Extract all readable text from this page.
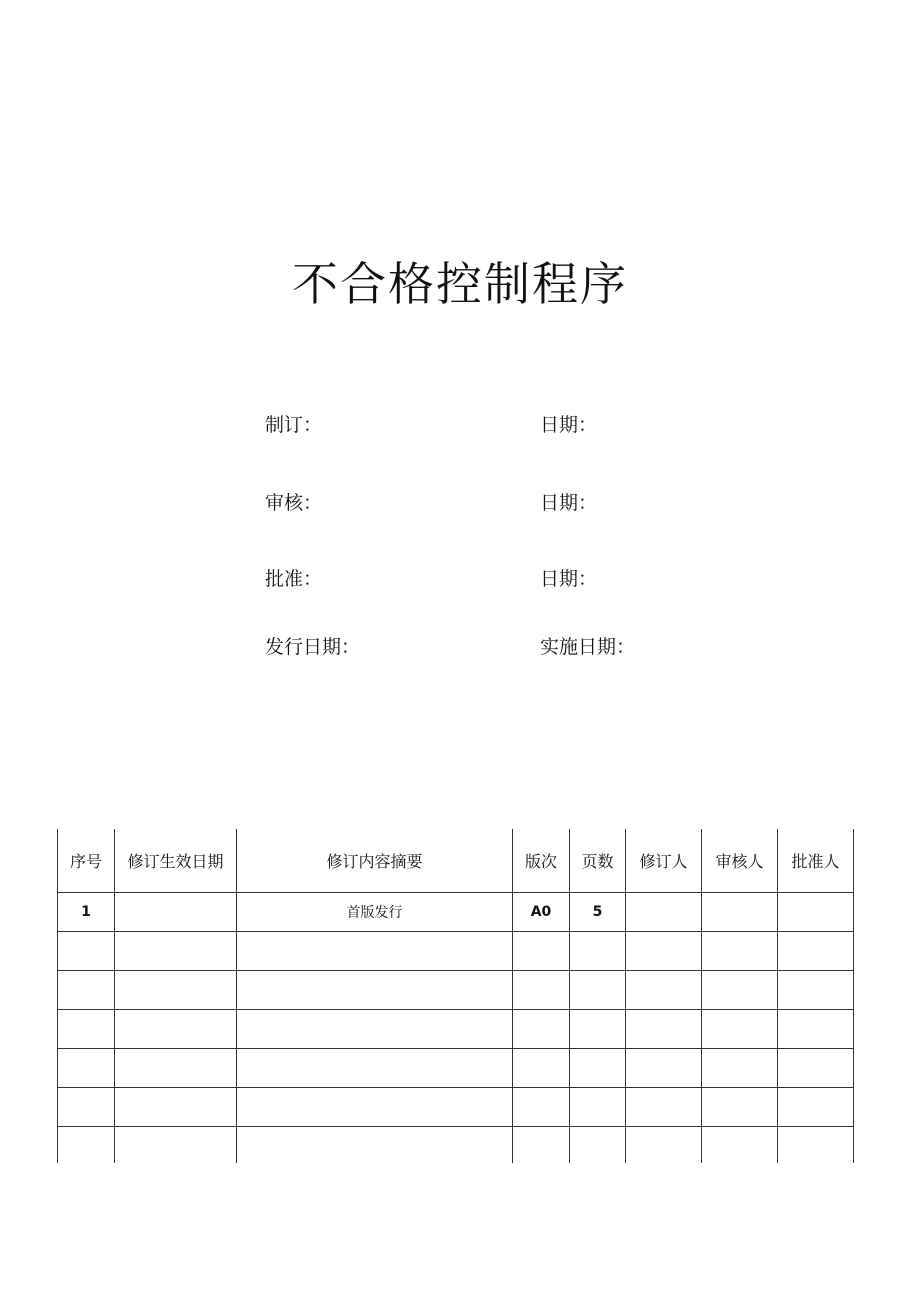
不合格控制程序
制订：	日期：
审核：	日期：
批准：	日期：
发行日期：	实施日期：
序号	修订生效日期	修订内容摘要	版次	页数	修订人	审核人	批准人
1		首版发行	A0	5			
